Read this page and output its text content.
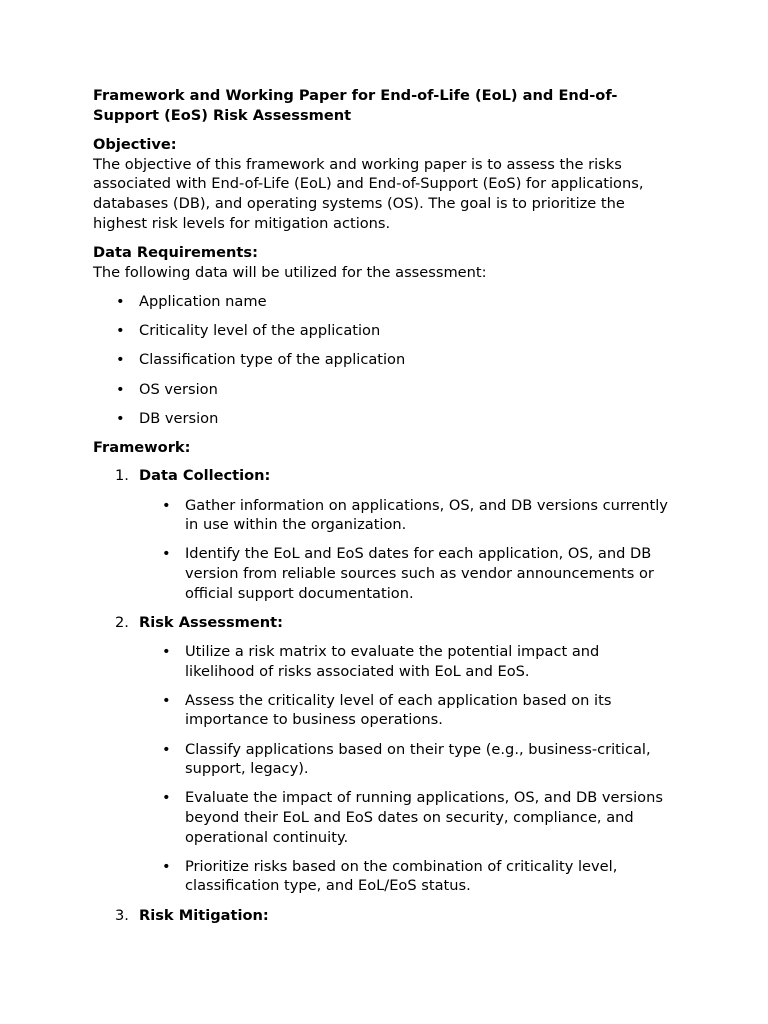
Framework and Working Paper for End-of-Life (EoL) and End-of-Support (EoS) Risk Assessment

Objective:

The objective of this framework and working paper is to assess the risks associated with End-of-Life (EoL) and End-of-Support (EoS) for applications, databases (DB), and operating systems (OS). The goal is to prioritize the highest risk levels for mitigation actions.

Data Requirements:

The following data will be utilized for the assessment:

• Application name
• Criticality level of the application
• Classification type of the application
• OS version
• DB version

Framework:

1. Data Collection:
• Gather information on applications, OS, and DB versions currently in use within the organization.
• Identify the EoL and EoS dates for each application, OS, and DB version from reliable sources such as vendor announcements or official support documentation.
2. Risk Assessment:
• Utilize a risk matrix to evaluate the potential impact and likelihood of risks associated with EoL and EoS.
• Assess the criticality level of each application based on its importance to business operations.
• Classify applications based on their type (e.g., business-critical, support, legacy).
• Evaluate the impact of running applications, OS, and DB versions beyond their EoL and EoS dates on security, compliance, and operational continuity.
• Prioritize risks based on the combination of criticality level, classification type, and EoL/EoS status.
3. Risk Mitigation:
